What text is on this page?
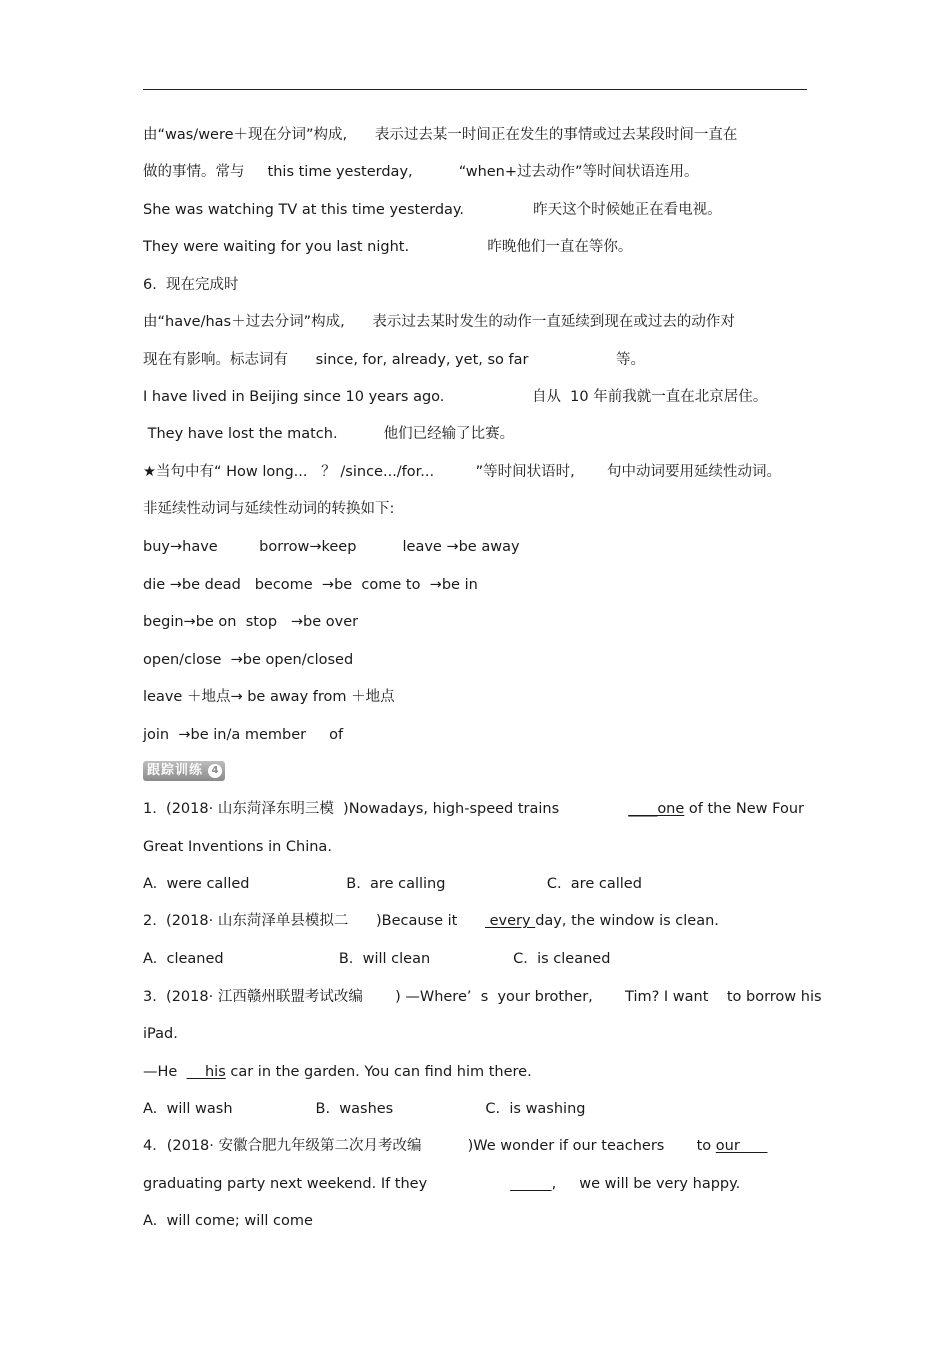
由“was/were＋现在分词”构成,      表示过去某一时间正在发生的事情或过去某段时间一直在
做的事情。常与     this time yesterday,          “when+过去动作”等时间状语连用。
She was watching TV at this time yesterday.               昨天这个时候她正在看电视。
They were waiting for you last night.                 昨晚他们一直在等你。
6.  现在完成时
由“have/has＋过去分词”构成,      表示过去某时发生的动作一直延续到现在或过去的动作对
现在有影响。标志词有      since, for, already, yet, so far                   等。
I have lived in Beijing since 10 years ago.                   自从  10 年前我就一直在北京居住。
They have lost the match.          他们已经输了比赛。
★当句中有“ How long...   ？ /since.../for...         ”等时间状语时,       句中动词要用延续性动词。
非延续性动词与延续性动词的转换如下:
buy→have         borrow→keep          leave →be away
die →be dead   become  →be  come to  →be in
begin→be on  stop   →be over
open/close  →be open/closed
leave ＋地点→ be away from ＋地点
join  →be in/a member     of
跟踪训练 4
1.  (2018· 山东菏泽东明三模  )Nowadays, high-speed trains               ____one of the New Four
Great Inventions in China.
A.  were called                     B.  are calling                      C.  are called
2.  (2018· 山东菏泽单县模拟二      )Because it       every day, the window is clean.
A.  cleaned                         B.  will clean                  C.  is cleaned
3.  (2018· 江西赣州联盟考试改编       ) —Where’  s  your brother,       Tim? I want    to borrow his
iPad.
—He      his car in the garden. You can find him there.
A.  will wash                  B.  washes                    C.  is washing
4．(2018· 安徽合肥九年级第二次月考改编          )We wonder if our teachers       to our
graduating party next weekend. If they	,     we will be very happy.
A.  will come; will come
